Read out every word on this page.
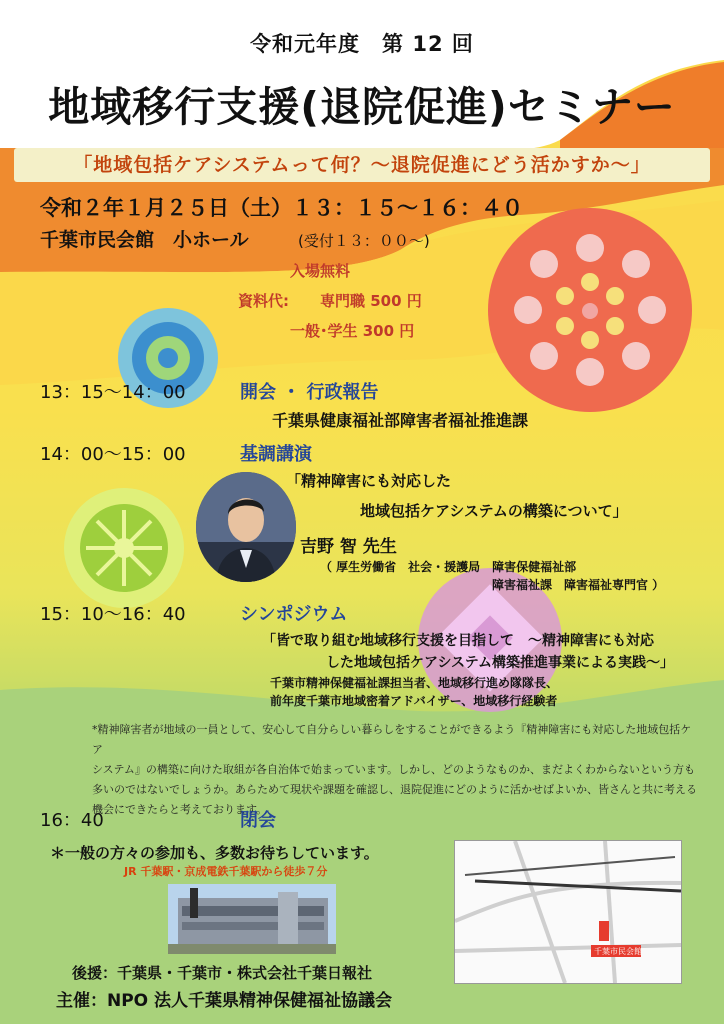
令和元年度　第 12 回
地域移行支援(退院促進)セミナー
「地域包括ケアシステムって何？～退院促進にどう活かすか～」
令和２年１月２５日（土）１３：１５～１６：４０
千葉市民会館　小ホール	(受付１３：００～)
入場無料
資料代: 専門職 500 円
一般･学生 300 円
13：15～14：00	開会 ・ 行政報告
千葉県健康福祉部障害者福祉推進課
14：00～15：00	基調講演
「精神障害にも対応した
地域包括ケアシステムの構築について」
吉野 智 先生
（ 厚生労働省　社会・援護局　障害保健福祉部
障害福祉課　障害福祉専門官 ）
15：10～16：40	シンポジウム
「皆で取り組む地域移行支援を目指して　～精神障害にも対応
した地域包括ケアシステム構築推進事業による実践～」
千葉市精神保健福祉課担当者、地域移行進め隊隊長、
前年度千葉市地域密着アドバイザー、地域移行経験者
*精神障害者が地域の一員として、安心して自分らしい暮らしをすることができるよう『精神障害にも対応した地域包括ケア
システム』の構築に向けた取組が各自治体で始まっています。しかし、どのようなものか、まだよくわからないという方も
多いのではないでしょうか。あらためて現状や課題を確認し、退院促進にどのように活かせばよいか、皆さんと共に考える
機会にできたらと考えております。
16：40	閉会
＊一般の方々の参加も、多数お待ちしています。
JR 千葉駅・京成電鉄千葉駅から徒歩７分
千葉市民会館
後援：千葉県・千葉市・株式会社千葉日報社
主催：NPO 法人千葉県精神保健福祉協議会
